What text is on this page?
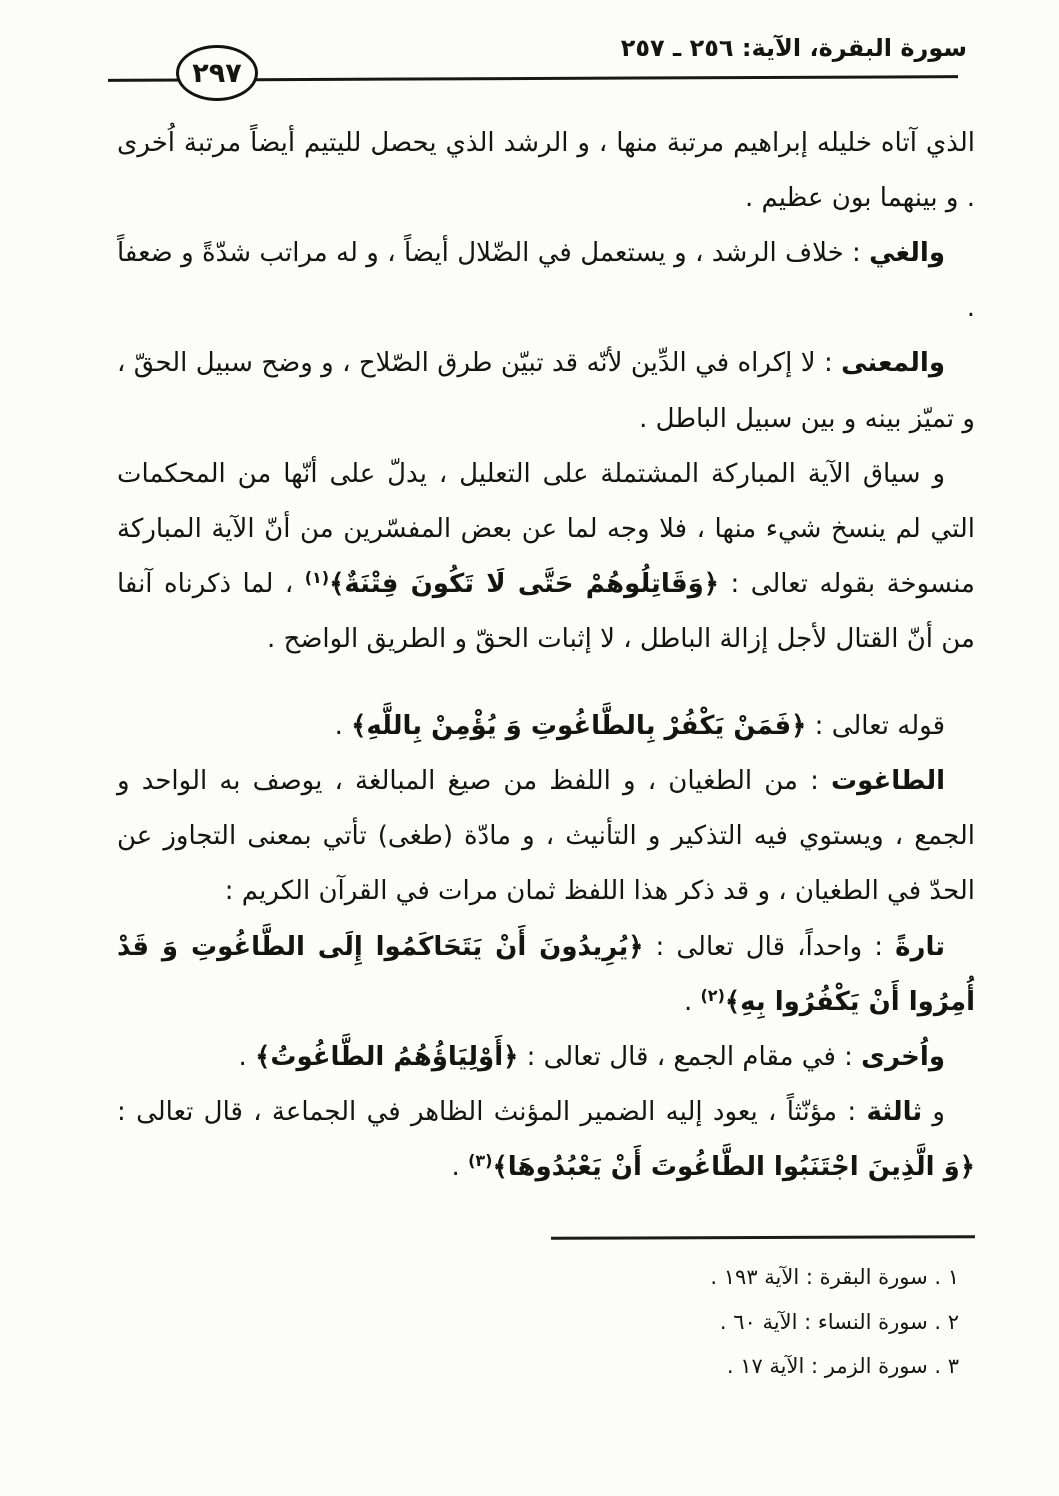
سورة البقرة، الآية: ٢٥٦ ـ ٢٥٧
٢٩٧

الذي آتاه خليله إبراهيم مرتبة منها ، و الرشد الذي يحصل لليتيم أيضاً مرتبة اُخرى . و بينهما بون عظيم .

والغي : خلاف الرشد ، و يستعمل في الضّلال أيضاً ، و له مراتب شدّةً و ضعفاً .

والمعنى : لا إكراه في الدِّين لأنّه قد تبيّن طرق الصّلاح ، و وضح سبيل الحقّ ، و تميّز بينه و بين سبيل الباطل .

و سياق الآية المباركة المشتملة على التعليل ، يدلّ على أنّها من المحكمات التي لم ينسخ شيء منها ، فلا وجه لما عن بعض المفسّرين من أنّ الآية المباركة منسوخة بقوله تعالى : ﴿وَقَاتِلُوهُمْ حَتَّى لَا تَكُونَ فِتْنَةٌ﴾$^{(١)}$ ، لما ذكرناه آنفا من أنّ القتال لأجل إزالة الباطل ، لا إثبات الحقّ و الطريق الواضح .

قوله تعالى : ﴿فَمَنْ يَكْفُرْ بِالطَّاغُوتِ وَ يُؤْمِنْ بِاللَّهِ﴾ .

الطاغوت : من الطغيان ، و اللفظ من صيغ المبالغة ، يوصف به الواحد و الجمع ، ويستوي فيه التذكير و التأنيث ، و مادّة (طغى) تأتي بمعنى التجاوز عن الحدّ في الطغيان ، و قد ذكر هذا اللفظ ثمان مرات في القرآن الكريم :

تارةً : واحداً، قال تعالى : ﴿يُرِيدُونَ أَنْ يَتَحَاكَمُوا إِلَى الطَّاغُوتِ وَ قَدْ أُمِرُوا أَنْ يَكْفُرُوا بِهِ﴾$^{(٢)}$ .

واُخرى : في مقام الجمع ، قال تعالى : ﴿أَوْلِيَاؤُهُمُ الطَّاغُوتُ﴾ .

و ثالثة : مؤنّثاً ، يعود إليه الضمير المؤنث الظاهر في الجماعة ، قال تعالى : ﴿وَ الَّذِينَ اجْتَنَبُوا الطَّاغُوتَ أَنْ يَعْبُدُوهَا﴾$^{(٣)}$ .

١ . سورة البقرة : الآية ١٩٣ .
٢ . سورة النساء : الآية ٦٠ .
٣ . سورة الزمر : الآية ١٧ .
